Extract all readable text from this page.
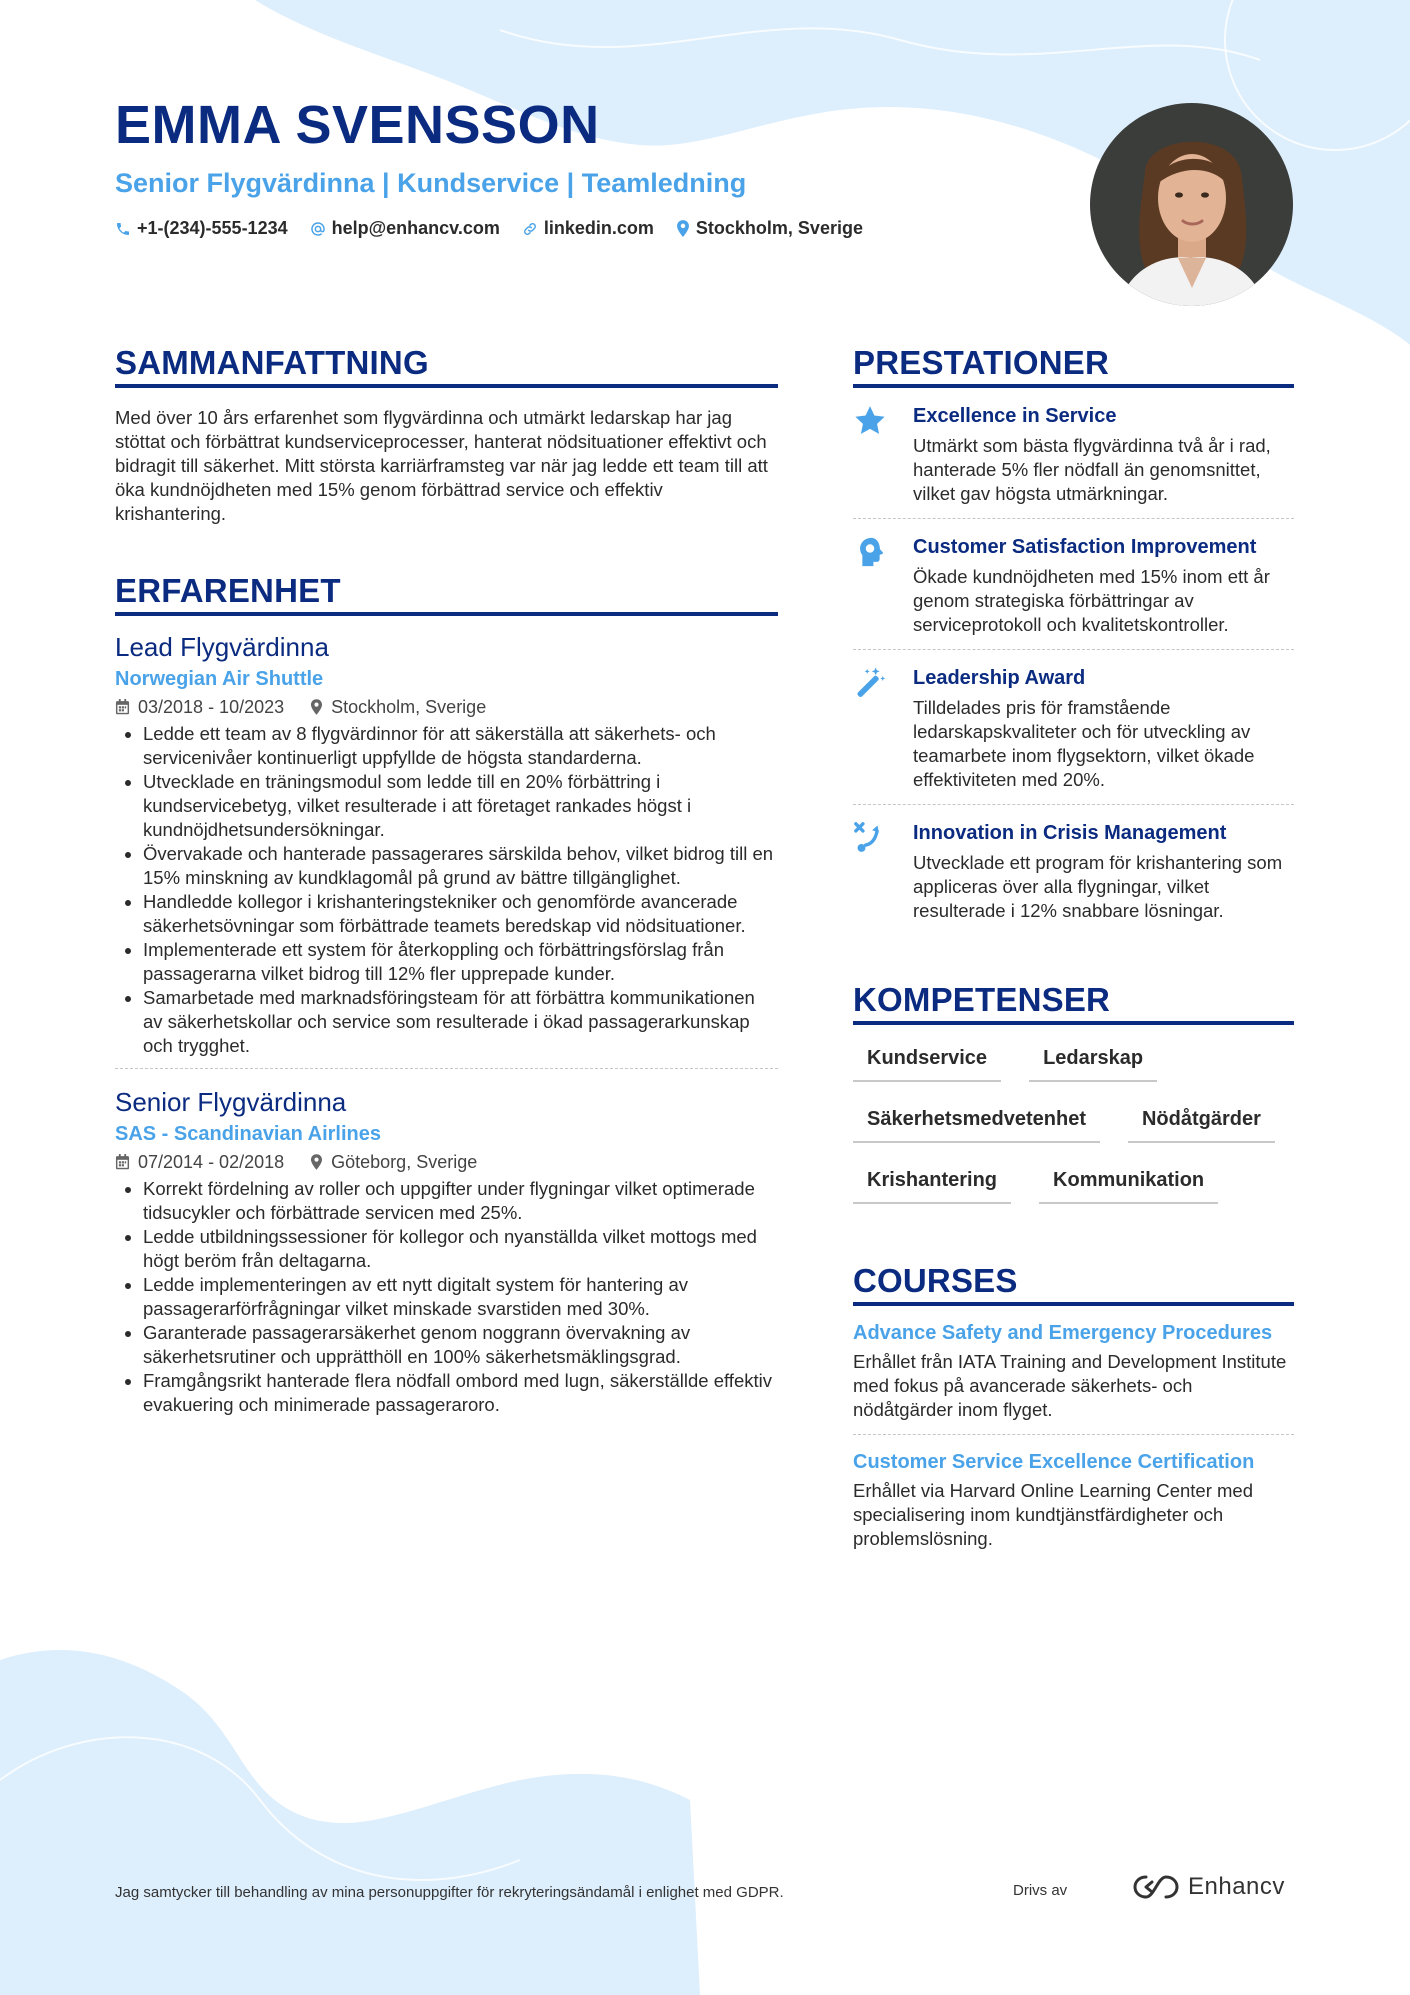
EMMA SVENSSON
Senior Flygvärdinna | Kundservice | Teamledning
+1-(234)-555-1234 help@enhancv.com linkedin.com Stockholm, Sverige
SAMMANFATTNING

Med över 10 års erfarenhet som flygvärdinna och utmärkt ledarskap har jag stöttat och förbättrat kundserviceprocesser, hanterat nödsituationer effektivt och bidragit till säkerhet. Mitt största karriärframsteg var när jag ledde ett team till att öka kundnöjdheten med 15% genom förbättrad service och effektiv krishantering.

ERFARENHET
Lead Flygvärdinna
Norwegian Air Shuttle
03/2018 - 10/2023	Stockholm, Sverige
• Ledde ett team av 8 flygvärdinnor för att säkerställa att säkerhets- och servicenivåer kontinuerligt uppfyllde de högsta standarderna.
• Utvecklade en träningsmodul som ledde till en 20% förbättring i kundservicebetyg, vilket resulterade i att företaget rankades högst i kundnöjdhetsundersökningar.
• Övervakade och hanterade passagerares särskilda behov, vilket bidrog till en 15% minskning av kundklagomål på grund av bättre tillgänglighet.
• Handledde kollegor i krishanteringstekniker och genomförde avancerade säkerhetsövningar som förbättrade teamets beredskap vid nödsituationer.
• Implementerade ett system för återkoppling och förbättringsförslag från passagerarna vilket bidrog till 12% fler upprepade kunder.
• Samarbetade med marknadsföringsteam för att förbättra kommunikationen av säkerhetskollar och service som resulterade i ökad passagerarkunskap och trygghet.
Senior Flygvärdinna
SAS - Scandinavian Airlines
07/2014 - 02/2018	Göteborg, Sverige
• Korrekt fördelning av roller och uppgifter under flygningar vilket optimerade tidsucykler och förbättrade servicen med 25%.
• Ledde utbildningssessioner för kollegor och nyanställda vilket mottogs med högt beröm från deltagarna.
• Ledde implementeringen av ett nytt digitalt system för hantering av passagerarförfrågningar vilket minskade svarstiden med 30%.
• Garanterade passagerarsäkerhet genom noggrann övervakning av säkerhetsrutiner och upprätthöll en 100% säkerhetsmäklingsgrad.
• Framgångsrikt hanterade flera nödfall ombord med lugn, säkerställde effektiv evakuering och minimerade passageraroro.
PRESTATIONER
Excellence in Service
Utmärkt som bästa flygvärdinna två år i rad, hanterade 5% fler nödfall än genomsnittet, vilket gav högsta utmärkningar.
Customer Satisfaction Improvement
Ökade kundnöjdheten med 15% inom ett år genom strategiska förbättringar av serviceprotokoll och kvalitetskontroller.
Leadership Award
Tilldelades pris för framstående ledarskapskvaliteter och för utveckling av teamarbete inom flygsektorn, vilket ökade effektiviteten med 20%.
Innovation in Crisis Management
Utvecklade ett program för krishantering som appliceras över alla flygningar, vilket resulterade i 12% snabbare lösningar.
KOMPETENSER
Kundservice	Ledarskap
Säkerhetsmedvetenhet	Nödåtgärder
Krishantering	Kommunikation
COURSES
Advance Safety and Emergency Procedures
Erhållet från IATA Training and Development Institute med fokus på avancerade säkerhets- och nödåtgärder inom flyget.
Customer Service Excellence Certification
Erhållet via Harvard Online Learning Center med specialisering inom kundtjänstfärdigheter och problemslösning.
Jag samtycker till behandling av mina personuppgifter för rekryteringsändamål i enlighet med GDPR.	Drivs av	Enhancv
